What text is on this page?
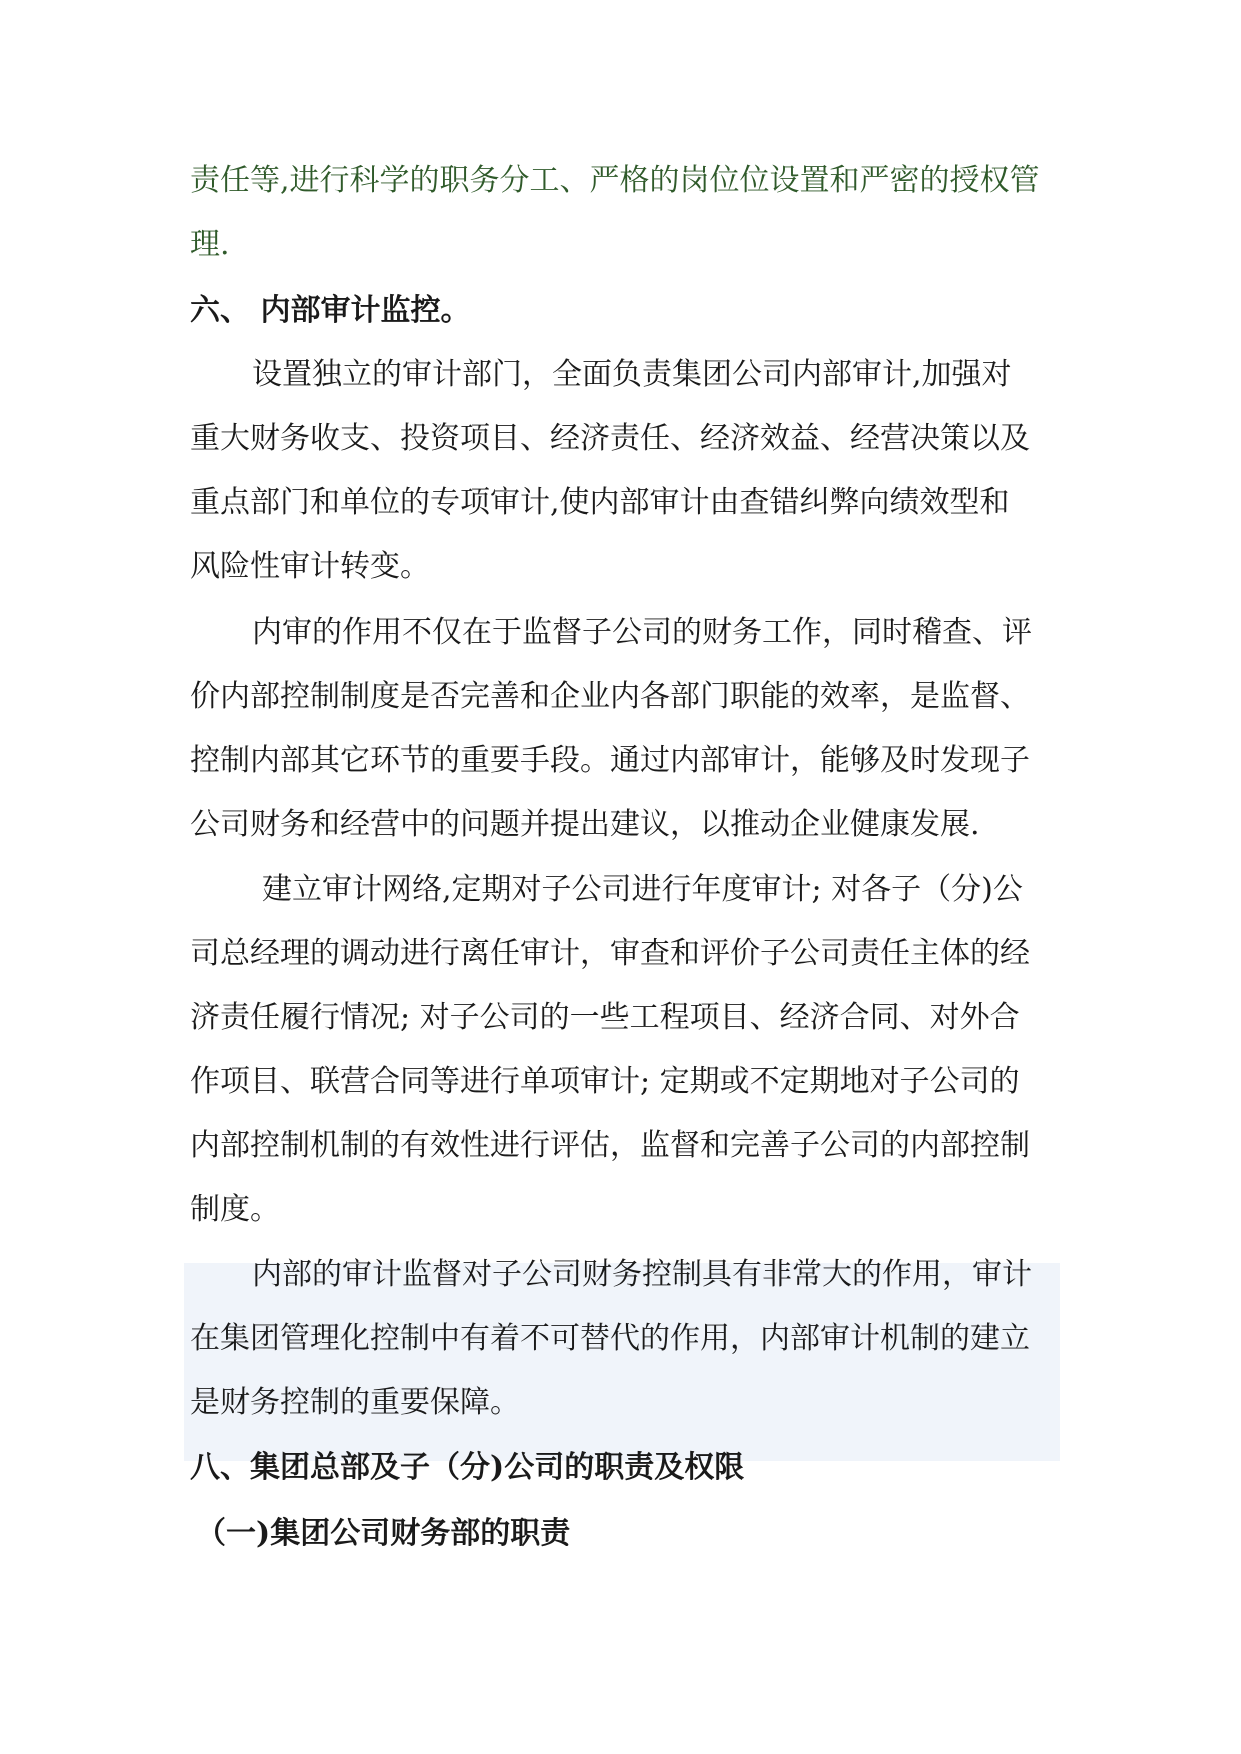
责任等,进行科学的职务分工、严格的岗位位设置和严密的授权管
理.
六、 内部审计监控。
　设置独立的审计部门，全面负责集团公司内部审计,加强对
重大财务收支、投资项目、经济责任、经济效益、经营决策以及
重点部门和单位的专项审计,使内部审计由查错纠弊向绩效型和
风险性审计转变。
内审的作用不仅在于监督子公司的财务工作，同时稽查、评
价内部控制制度是否完善和企业内各部门职能的效率，是监督、
控制内部其它环节的重要手段。通过内部审计，能够及时发现子
公司财务和经营中的问题并提出建议，以推动企业健康发展.
　建立审计网络,定期对子公司进行年度审计; 对各子（分)公
司总经理的调动进行离任审计，审查和评价子公司责任主体的经
济责任履行情况; 对子公司的一些工程项目、经济合同、对外合
作项目、联营合同等进行单项审计; 定期或不定期地对子公司的
内部控制机制的有效性进行评估，监督和完善子公司的内部控制
制度。
内部的审计监督对子公司财务控制具有非常大的作用，审计
在集团管理化控制中有着不可替代的作用，内部审计机制的建立
是财务控制的重要保障。
八、集团总部及子（分)公司的职责及权限
（一)集团公司财务部的职责
